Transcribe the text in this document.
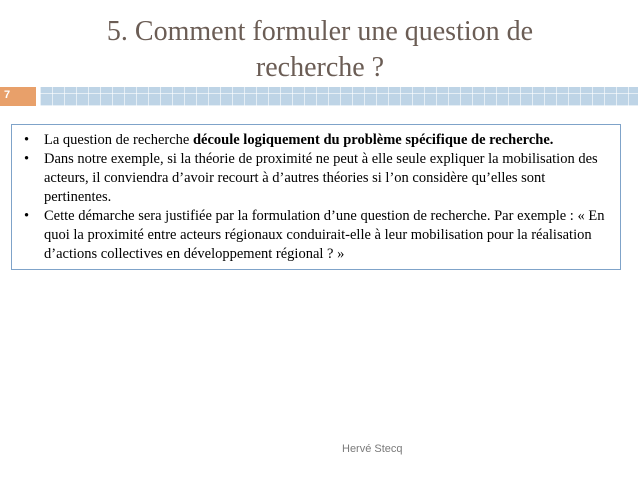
5. Comment formuler une question de
recherche ?
7
• La question de recherche découle logiquement du problème spécifique de recherche.
• Dans notre exemple, si la théorie de proximité ne peut à elle seule expliquer la mobilisation des acteurs, il conviendra d’avoir recourt à d’autres théories si l’on considère qu’elles sont pertinentes.
• Cette démarche sera justifiée par la formulation d’une question de recherche. Par exemple : « En quoi la proximité entre acteurs régionaux conduirait-elle à leur mobilisation pour la réalisation d’actions collectives en développement régional ? »
Hervé Stecq
